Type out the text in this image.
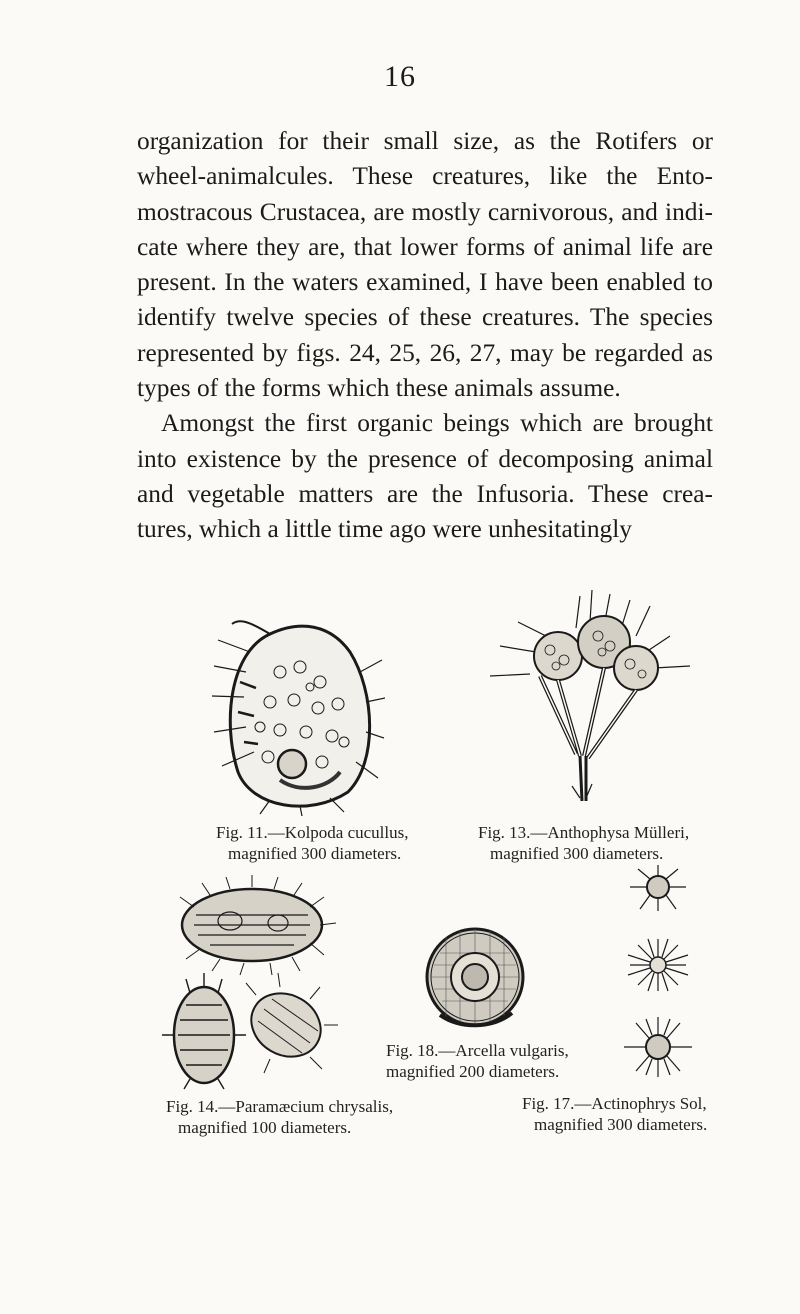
16

organization for their small size, as the Rotifers or wheel-animalcules. These creatures, like the Ento-mostracous Crustacea, are mostly carnivorous, and indi-cate where they are, that lower forms of animal life are present. In the waters examined, I have been enabled to identify twelve species of these creatures. The species represented by figs. 24, 25, 26, 27, may be regarded as types of the forms which these animals assume.

Amongst the first organic beings which are brought into existence by the presence of decomposing animal and vegetable matters are the Infusoria. These crea-tures, which a little time ago were unhesitatingly

Fig. 11.—Kolpoda cucullus,
magnified 300 diameters.
Fig. 13.—Anthophysa Mülleri,
magnified 300 diameters.
Fig. 14.—Paramæcium chrysalis,
magnified 100 diameters.
Fig. 18.—Arcella vulgaris,
magnified 200 diameters.
Fig. 17.—Actinophrys Sol,
magnified 300 diameters.
